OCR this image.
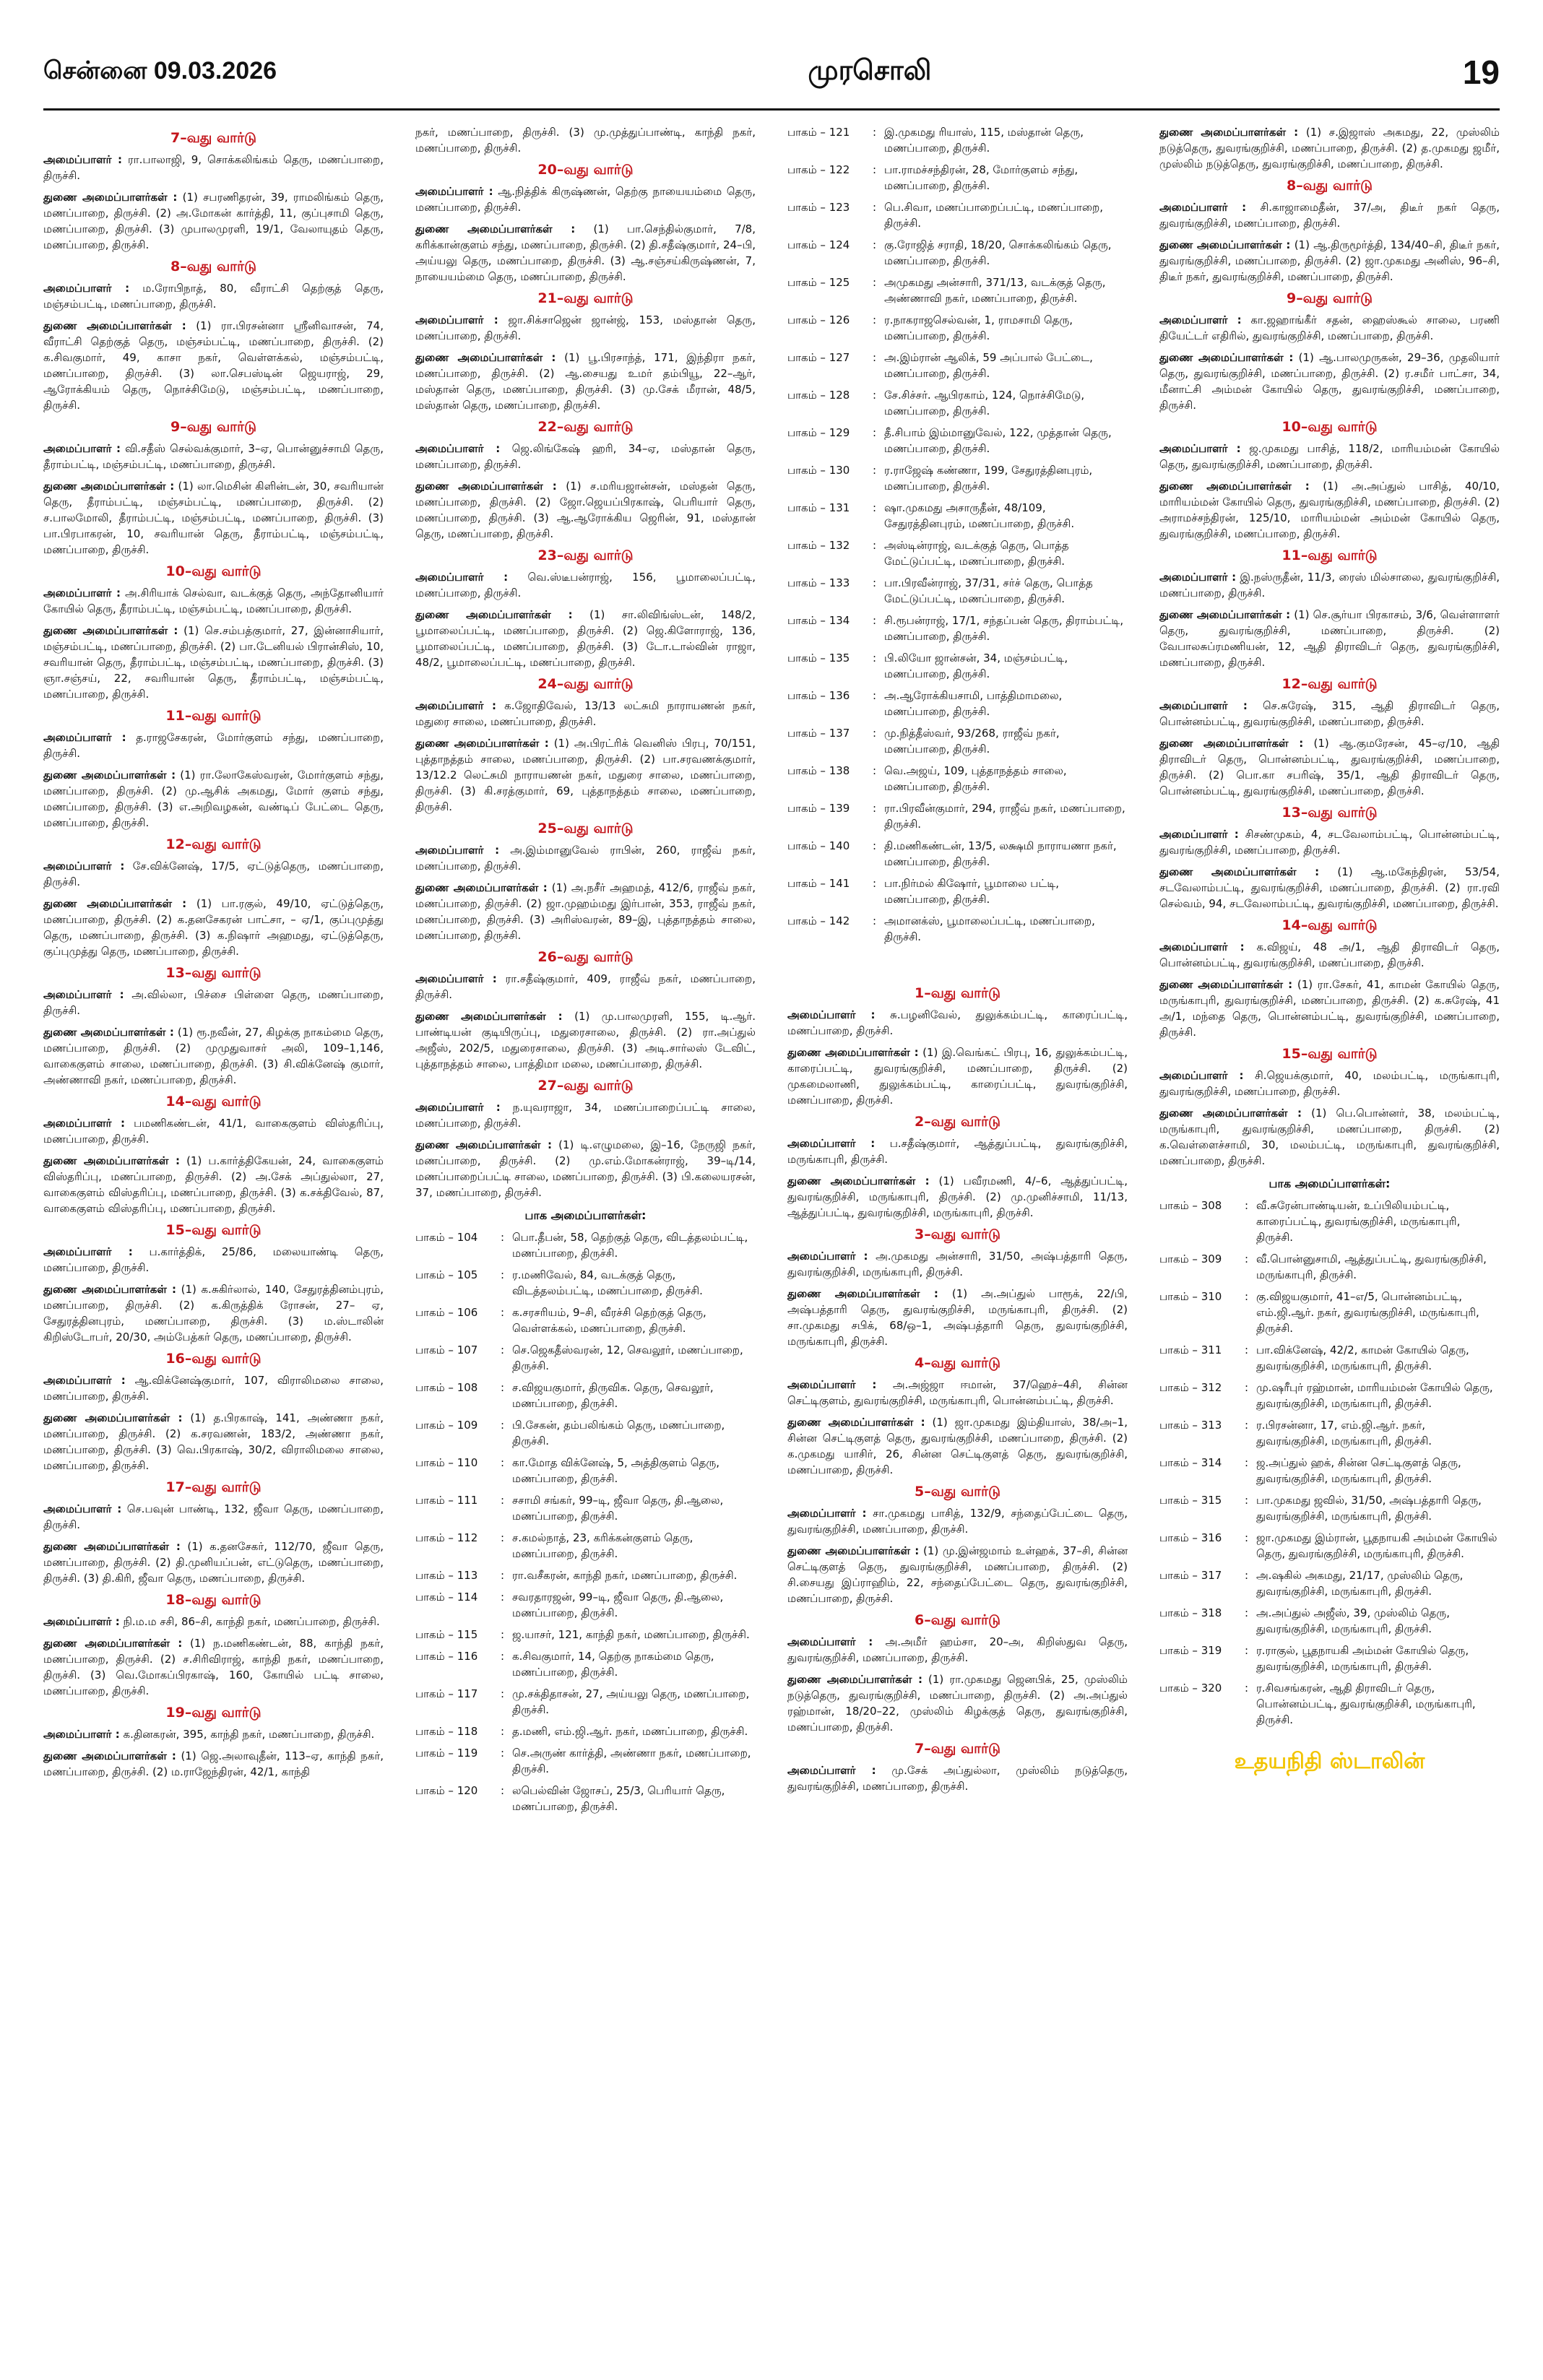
சென்னை 09.03.2026	முரசொலி	19
7–வது வார்டு

அமைப்பாளர் : ரா.பாலாஜி, 9, சொக்கலிங்கம் தெரு, மணப்பாறை, திருச்சி.

துணை அமைப்பாளர்கள் : (1) சபரணிதரன், 39, ராமலிங்கம் தெரு, மணப்பாறை, திருச்சி. (2) அ.மோகன் கார்த்தி, 11, குப்புசாமி தெரு, மணப்பாறை, திருச்சி. (3) முபாலமுரளி, 19/1, வேலாயுதம் தெரு, மணப்பாறை, திருச்சி.

8–வது வார்டு

அமைப்பாளர் : ம.ரோபிநாத், 80, வீராட்சி தெற்குத் தெரு, மஞ்சம்பட்டி, மணப்பாறை, திருச்சி.

துணை அமைப்பாளர்கள் : (1) ரா.பிரசன்னா ஸ்ரீனிவாசன், 74, வீராட்சி தெற்குத் தெரு, மஞ்சம்பட்டி, மணப்பாறை, திருச்சி. (2) க.சிவகுமார், 49, காசா நகர், வெள்ளக்கல், மஞ்சம்பட்டி, மணப்பாறை, திருச்சி. (3) லா.செபஸ்டின் ஜெயராஜ், 29, ஆரோக்கியம் தெரு, நொச்சிமேடு, மஞ்சம்பட்டி, மணப்பாறை, திருச்சி.

9–வது வார்டு

அமைப்பாளர் : வி.சதீஸ் செல்வக்குமார், 3–ஏ, பொன்னுச்சாமி தெரு, தீராம்பட்டி, மஞ்சம்பட்டி, மணப்பாறை, திருச்சி.

துணை அமைப்பாளர்கள் : (1) லா.மெசின் கிளின்டன், 30, சவரியான் தெரு, தீராம்பட்டி, மஞ்சம்பட்டி, மணப்பாறை, திருச்சி. (2) ச.பாலமோலி, தீராம்பட்டி, மஞ்சம்பட்டி, மணப்பாறை, திருச்சி. (3) பா.பிரபாகரன், 10, சவரியான் தெரு, தீராம்பட்டி, மஞ்சம்பட்டி, மணப்பாறை, திருச்சி.

10–வது வார்டு

அமைப்பாளர் : அ.சிரியாக் செல்வா, வடக்குத் தெரு, அந்தோனியார் கோயில் தெரு, தீராம்பட்டி, மஞ்சம்பட்டி, மணப்பாறை, திருச்சி.

துணை அமைப்பாளர்கள் : (1) செ.சம்பத்குமார், 27, இன்னாசியார், மஞ்சம்பட்டி, மணப்பாறை, திருச்சி. (2) பா.டேனியல் பிரான்சிஸ், 10, சவரியான் தெரு, தீராம்பட்டி, மஞ்சம்பட்டி, மணப்பாறை, திருச்சி. (3) ஞா.சஞ்சய், 22, சவரியான் தெரு, தீராம்பட்டி, மஞ்சம்பட்டி, மணப்பாறை, திருச்சி.

11–வது வார்டு

அமைப்பாளர் : த.ராஜசேகரன், மோர்குளம் சந்து, மணப்பாறை, திருச்சி.

துணை அமைப்பாளர்கள் : (1) ரா.லோகேஸ்வரன், மோர்குளம் சந்து, மணப்பாறை, திருச்சி. (2) மு.ஆசிக் அகமது, மோர் குளம் சந்து, மணப்பாறை, திருச்சி. (3) எ.அறிவழகன், வண்டிப் பேட்டை தெரு, மணப்பாறை, திருச்சி.

12–வது வார்டு

அமைப்பாளர் : சே.விக்னேஷ், 17/5, ஏட்டுத்தெரு, மணப்பாறை, திருச்சி.

துணை அமைப்பாளர்கள் : (1) பா.ரகுல், 49/10, ஏட்டுத்தெரு, மணப்பாறை, திருச்சி. (2) க.தனசேகரன் பாட்சா, – ஏ/1, குப்புமுத்து தெரு, மணப்பாறை, திருச்சி. (3) க.நிஷார் அஹமது, ஏட்டுத்தெரு, குப்புமுத்து தெரு, மணப்பாறை, திருச்சி.

13–வது வார்டு

அமைப்பாளர் : அ.வில்லா, பிச்சை பிள்ளை தெரு, மணப்பாறை, திருச்சி.

துணை அமைப்பாளர்கள் : (1) ரூ.நவீன், 27, கிழக்கு நாகம்மை தெரு, மணப்பாறை, திருச்சி. (2) முமுதுவாசர் அலி, 109–1,146, வாகைகுளம் சாலை, மணப்பாறை, திருச்சி. (3) சி.விக்னேஷ் குமார், அண்ணாவி நகர், மணப்பாறை, திருச்சி.

14–வது வார்டு

அமைப்பாளர் : பமணிகண்டன், 41/1, வாகைகுளம் விஸ்தரிப்பு, மணப்பாறை, திருச்சி.

துணை அமைப்பாளர்கள் : (1) ப.கார்த்திகேயன், 24, வாகைகுளம் விஸ்தரிப்பு, மணப்பாறை, திருச்சி. (2) அ.சேக் அப்துல்லா, 27, வாகைகுளம் விஸ்தரிப்பு, மணப்பாறை, திருச்சி. (3) க.சக்திவேல், 87, வாகைகுளம் விஸ்தரிப்பு, மணப்பாறை, திருச்சி.

15–வது வார்டு

அமைப்பாளர் : ப.கார்த்திக், 25/86, மலையாண்டி தெரு, மணப்பாறை, திருச்சி.

துணை அமைப்பாளர்கள் : (1) க.சுகிர்லால், 140, சேதுரத்தினம்புரம், மணப்பாறை, திருச்சி. (2) க.கிருத்திக் ரோசன், 27– ஏ, சேதுரத்தினபுரம், மணப்பாறை, திருச்சி. (3) ம.ஸ்டாலின் கிறிஸ்டோபர், 20/30, அம்பேத்கர் தெரு, மணப்பாறை, திருச்சி.

16–வது வார்டு

அமைப்பாளர் : ஆ.விக்னேஷ்குமார், 107, விராலிமலை சாலை, மணப்பாறை, திருச்சி.

துணை அமைப்பாளர்கள் : (1) த.பிரகாஷ், 141, அண்ணா நகர், மணப்பாறை, திருச்சி. (2) க.சரவணன், 183/2, அண்ணா நகர், மணப்பாறை, திருச்சி. (3) வெ.பிரகாஷ், 30/2, விராலிமலை சாலை, மணப்பாறை, திருச்சி.

17–வது வார்டு

அமைப்பாளர் : செ.பவுன் பாண்டி, 132, ஜீவா தெரு, மணப்பாறை, திருச்சி.

துணை அமைப்பாளர்கள் : (1) க.தனசேகர், 112/70, ஜீவா தெரு, மணப்பாறை, திருச்சி. (2) தி.முனியப்பன், எட்டுதெரு, மணப்பாறை, திருச்சி. (3) தி.கிரி, ஜீவா தெரு, மணப்பாறை, திருச்சி.

18–வது வார்டு

அமைப்பாளர் : நி.ம.ம சசி, 86–சி, காந்தி நகர், மணப்பாறை, திருச்சி.

துணை அமைப்பாளர்கள் : (1) ந.மணிகண்டன், 88, காந்தி நகர், மணப்பாறை, திருச்சி. (2) ச.சிரிவிராஜ், காந்தி நகர், மணப்பாறை, திருச்சி. (3) வெ.மோகப்பிரகாஷ், 160, கோயில் பட்டி சாலை, மணப்பாறை, திருச்சி.

19–வது வார்டு

அமைப்பாளர் : க.தினகரன், 395, காந்தி நகர், மணப்பாறை, திருச்சி.

துணை அமைப்பாளர்கள் : (1) ஜெ.அலாவுதீன், 113–ஏ, காந்தி நகர், மணப்பாறை, திருச்சி. (2) ம.ராஜேந்திரன், 42/1, காந்தி

நகர், மணப்பாறை, திருச்சி. (3) மு.முத்துப்பாண்டி, காந்தி நகர், மணப்பாறை, திருச்சி.

20–வது வார்டு

அமைப்பாளர் : ஆ.நித்திக் கிருஷ்ணன், தெற்கு நாயையம்மை தெரு, மணப்பாறை, திருச்சி.

துணை அமைப்பாளர்கள் : (1) பா.செந்தில்குமார், 7/8, கரிக்கான்குளம் சந்து, மணப்பாறை, திருச்சி. (2) தி.சதீஷ்குமார், 24–பி, அய்யலு தெரு, மணப்பாறை, திருச்சி. (3) ஆ.சஞ்சய்கிருஷ்ணன், 7, நாயையம்மை தெரு, மணப்பாறை, திருச்சி.

21–வது வார்டு

அமைப்பாளர் : ஜா.சிக்சாஜென் ஜான்ஜ், 153, மஸ்தான் தெரு, மணப்பாறை, திருச்சி.

துணை அமைப்பாளர்கள் : (1) பூ.பிரசாந்த், 171, இந்திரா நகர், மணப்பாறை, திருச்சி. (2) ஆ.சையது உமர் தம்பியூ, 22–ஆர், மஸ்தான் தெரு, மணப்பாறை, திருச்சி. (3) மு.சேக் மீரான், 48/5, மஸ்தான் தெரு, மணப்பாறை, திருச்சி.

22–வது வார்டு

அமைப்பாளர் : ஜெ.லிங்கேஷ் ஹரி, 34–ஏ, மஸ்தான் தெரு, மணப்பாறை, திருச்சி.

துணை அமைப்பாளர்கள் : (1) ச.மரியஜான்சன், மஸ்தன் தெரு, மணப்பாறை, திருச்சி. (2) ஜோ.ஜெயப்பிரகாஷ், பெரியார் தெரு, மணப்பாறை, திருச்சி. (3) ஆ.ஆரோக்கிய ஜெரின், 91, மஸ்தான் தெரு, மணப்பாறை, திருச்சி.

23–வது வார்டு

அமைப்பாளர் : வெ.ஸ்டீபன்ராஜ், 156, பூமாலைப்பட்டி, மணப்பாறை, திருச்சி.

துணை அமைப்பாளர்கள் : (1) சா.லிவிங்ஸ்டன், 148/2, பூமாலைப்பட்டி, மணப்பாறை, திருச்சி. (2) ஜெ.கிளோராஜ், 136, பூமாலைப்பட்டி, மணப்பாறை, திருச்சி. (3) டோ.டால்வின் ராஜா, 48/2, பூமாலைப்பட்டி, மணப்பாறை, திருச்சி.

24–வது வார்டு

அமைப்பாளர் : க.ஜோதிவேல், 13/13 லட்சுமி நாராயணன் நகர், மதுரை சாலை, மணப்பாறை, திருச்சி.

துணை அமைப்பாளர்கள் : (1) அ.பிரட்ரிக் வெனிஸ் பிரபு, 70/151, புத்தாநத்தம் சாலை, மணப்பாறை, திருச்சி. (2) பா.சரவணக்குமார், 13/12.2 லெட்சுமி நாராயணன் நகர், மதுரை சாலை, மணப்பாறை, திருச்சி. (3) கி.சரத்குமார், 69, புத்தாநத்தம் சாலை, மணப்பாறை, திருச்சி.

25–வது வார்டு

அமைப்பாளர் : அ.இம்மானுவேல் ராபின், 260, ராஜீவ் நகர், மணப்பாறை, திருச்சி.

துணை அமைப்பாளர்கள் : (1) அ.நசீர் அஹமத், 412/6, ராஜீவ் நகர், மணப்பாறை, திருச்சி. (2) ஜா.முஹம்மது இர்பான், 353, ராஜீவ் நகர், மணப்பாறை, திருச்சி. (3) அரிஸ்வரன், 89–இ, புத்தாநத்தம் சாலை, மணப்பாறை, திருச்சி.

26–வது வார்டு

அமைப்பாளர் : ரா.சதீஷ்குமார், 409, ராஜீவ் நகர், மணப்பாறை, திருச்சி.

துணை அமைப்பாளர்கள் : (1) மு.பாலமுரளி, 155, டி.ஆர். பாண்டியன் குடியிருப்பு, மதுரைசாலை, திருச்சி. (2) ரா.அப்துல் அஜீஸ், 202/5, மதுரைசாலை, திருச்சி. (3) அடி.சார்லஸ் டேவிட், புத்தாநத்தம் சாலை, பாத்திமா மலை, மணப்பாறை, திருச்சி.

27–வது வார்டு

அமைப்பாளர் : ந.யுவராஜா, 34, மணப்பாறைப்பட்டி சாலை, மணப்பாறை, திருச்சி.

துணை அமைப்பாளர்கள் : (1) டி.எழுமலை, இ–16, நேருஜி நகர், மணப்பாறை, திருச்சி. (2) மு.எம்.மோகன்ராஜ், 39–டி/14, மணப்பாறைப்பட்டி சாலை, மணப்பாறை, திருச்சி. (3) பி.கலையரசன், 37, மணப்பாறை, திருச்சி.

பாக அமைப்பாளர்கள்:
பாகம் – 104	: பொ.தீபன், 58, தெற்குத் தெரு, விடத்தலம்பட்டி, மணப்பாறை, திருச்சி.
பாகம் – 105	: ர.மணிவேல், 84, வடக்குத் தெரு, விடத்தலம்பட்டி, மணப்பாறை, திருச்சி.
பாகம் – 106	: க.சரசரியம், 9–சி, வீரச்சி தெற்குத் தெரு, வெள்ளக்கல், மணப்பாறை, திருச்சி.
பாகம் – 107	: செ.ஜெகதீஸ்வரன், 12, செவலூர், மணப்பாறை, திருச்சி.
பாகம் – 108	: ச.விஜயகுமார், திருவிக. தெரு, செவலூர், மணப்பாறை, திருச்சி.
பாகம் – 109	: பி.சேகன், தம்பலிங்கம் தெரு, மணப்பாறை, திருச்சி.
பாகம் – 110	: கா.மோத விக்னேஷ், 5, அத்திகுளம் தெரு, மணப்பாறை, திருச்சி.
பாகம் – 111	: சசாமி சங்கர், 99–டி, ஜீவா தெரு, தி.ஆலை, மணப்பாறை, திருச்சி.
பாகம் – 112	: ச.கமல்நாத், 23, கரிக்கன்குளம் தெரு, மணப்பாறை, திருச்சி.
பாகம் – 113	: ரா.வசீகரன், காந்தி நகர், மணப்பாறை, திருச்சி.
பாகம் – 114	: சவரதாரஜன், 99–டி, ஜீவா தெரு, தி.ஆலை, மணப்பாறை, திருச்சி.
பாகம் – 115	: ஜ.யாசர், 121, காந்தி நகர், மணப்பாறை, திருச்சி.
பாகம் – 116	: க.சிவகுமார், 14, தெற்கு நாகம்மை தெரு, மணப்பாறை, திருச்சி.
பாகம் – 117	: மு.சக்திதாசன், 27, அய்யலு தெரு, மணப்பாறை, திருச்சி.
பாகம் – 118	: த.மணி, எம்.ஜி.ஆர். நகர், மணப்பாறை, திருச்சி.
பாகம் – 119	: செ.அருண் கார்த்தி, அண்ணா நகர், மணப்பாறை, திருச்சி.
பாகம் – 120	: லபெல்வின் ஜோசப், 25/3, பெரியார் தெரு, மணப்பாறை, திருச்சி.
பாகம் – 121	: இ.முகமது ரியாஸ், 115, மஸ்தான் தெரு, மணப்பாறை, திருச்சி.
பாகம் – 122	: பா.ராமச்சந்திரன், 28, மோர்குளம் சந்து, மணப்பாறை, திருச்சி.
பாகம் – 123	: பெ.சிவா, மணப்பாறைப்பட்டி, மணப்பாறை, திருச்சி.
பாகம் – 124	: கு.ரோஜித் சராதி, 18/20, சொக்கலிங்கம் தெரு, மணப்பாறை, திருச்சி.
பாகம் – 125	: அமுகமது அன்சாரி, 371/13, வடக்குத் தெரு, அண்ணாவி நகர், மணப்பாறை, திருச்சி.
பாகம் – 126	: ர.நாகராஜசெல்வன், 1, ராமசாமி தெரு, மணப்பாறை, திருச்சி.
பாகம் – 127	: அ.இம்ரான் ஆலிக், 59 அப்பால் பேட்டை, மணப்பாறை, திருச்சி.
பாகம் – 128	: சே.சிச்சர். ஆபிரகாம், 124, நொச்சிமேடு, மணப்பாறை, திருச்சி.
பாகம் – 129	: தீ.சிபாம் இம்மானுவேல், 122, முத்தான் தெரு, மணப்பாறை, திருச்சி.
பாகம் – 130	: ர.ராஜேஷ் கண்ணா, 199, சேதுரத்தினபுரம், மணப்பாறை, திருச்சி.
பாகம் – 131	: ஷா.முகமது அசாருதீன், 48/109, சேதுரத்தினபுரம், மணப்பாறை, திருச்சி.
பாகம் – 132	: அஸ்டின்ராஜ், வடக்குத் தெரு, பொத்த மேட்டுப்பட்டி, மணப்பாறை, திருச்சி.
பாகம் – 133	: பா.பிரவீன்ராஜ், 37/31, சர்ச் தெரு, பொத்த மேட்டுப்பட்டி, மணப்பாறை, திருச்சி.
பாகம் – 134	: சி.ரூபன்ராஜ், 17/1, சந்தப்பன் தெரு, திராம்பட்டி, மணப்பாறை, திருச்சி.
பாகம் – 135	: பி.லியோ ஜான்சன், 34, மஞ்சம்பட்டி, மணப்பாறை, திருச்சி.
பாகம் – 136	: அ.ஆரோக்கியசாமி, பாத்திமாமலை, மணப்பாறை, திருச்சி.
பாகம் – 137	: மு.நித்தீஸ்வர், 93/268, ராஜீவ் நகர், மணப்பாறை, திருச்சி.
பாகம் – 138	: வெ.அஜய், 109, புத்தாநத்தம் சாலை, மணப்பாறை, திருச்சி.
பாகம் – 139	: ரா.பிரவீன்குமார், 294, ராஜீவ் நகர், மணப்பாறை, திருச்சி.
பாகம் – 140	: தி.மணிகண்டன், 13/5, லக்ஷமி நாராயணா நகர், மணப்பாறை, திருச்சி.
பாகம் – 141	: பா.நிர்மல் கிஷோர், பூமாலை பட்டி, மணப்பாறை, திருச்சி.
பாகம் – 142	: அமானக்ஸ், பூமாலைப்பட்டி, மணப்பாறை, திருச்சி.
1–வது வார்டு

அமைப்பாளர் : சு.பழனிவேல், துலுக்கம்பட்டி, காரைப்பட்டி, மணப்பாறை, திருச்சி.

துணை அமைப்பாளர்கள் : (1) இ.வெங்கட் பிரபு, 16, துலுக்கம்பட்டி, காரைப்பட்டி, துவரங்குறிச்சி, மணப்பாறை, திருச்சி. (2) முகமைலாணி, துலுக்கம்பட்டி, காரைப்பட்டி, துவரங்குறிச்சி, மணப்பாறை, திருச்சி.

2–வது வார்டு

அமைப்பாளர் : ப.சதீஷ்குமார், ஆத்துப்பட்டி, துவரங்குறிச்சி, மருங்காபுரி, திருச்சி.

துணை அமைப்பாளர்கள் : (1) பவீரமணி, 4/–6, ஆத்துப்பட்டி, துவரங்குறிச்சி, மருங்காபுரி, திருச்சி. (2) மு.முனிச்சாமி, 11/13, ஆத்துப்பட்டி, துவரங்குறிச்சி, மருங்காபுரி, திருச்சி.

3–வது வார்டு

அமைப்பாளர் : அ.முகமது அன்சாரி, 31/50, அஷ்பத்தாரி தெரு, துவரங்குறிச்சி, மருங்காபுரி, திருச்சி.

துணை அமைப்பாளர்கள் : (1) அ.அப்துல் பாரூக், 22/பி, அஷ்பத்தாரி தெரு, துவரங்குறிச்சி, மருங்காபுரி, திருச்சி. (2) சா.முகமது சபிக், 68/ஒ–1, அஷ்பத்தாரி தெரு, துவரங்குறிச்சி, மருங்காபுரி, திருச்சி.

4–வது வார்டு

அமைப்பாளர் : அ.அஜ்ஜா ஈமான், 37/ஹெச்–4சி, சின்ன செட்டிகுளம், துவரங்குறிச்சி, மருங்காபுரி, பொன்னம்பட்டி, திருச்சி.

துணை அமைப்பாளர்கள் : (1) ஜா.முகமது இம்தியாஸ், 38/அ–1, சின்ன செட்டிகுளத் தெரு, துவரங்குறிச்சி, மணப்பாறை, திருச்சி. (2) க.முகமது யாசிர், 26, சின்ன செட்டிகுளத் தெரு, துவரங்குறிச்சி, மணப்பாறை, திருச்சி.

5–வது வார்டு

அமைப்பாளர் : சா.முகமது பாசித், 132/9, சந்தைப்பேட்டை தெரு, துவரங்குறிச்சி, மணப்பாறை, திருச்சி.

துணை அமைப்பாளர்கள் : (1) மு.இன்ஜமாம் உள்ஹக், 37–சி, சின்ன செட்டிகுளத் தெரு, துவரங்குறிச்சி, மணப்பாறை, திருச்சி. (2) சி.சையது இப்ராஹிம், 22, சந்தைப்பேட்டை தெரு, துவரங்குறிச்சி, மணப்பாறை, திருச்சி.

6–வது வார்டு

அமைப்பாளர் : அ.அமீர் ஹம்சா, 20–அ, கிறிஸ்துவ தெரு, துவரங்குறிச்சி, மணப்பாறை, திருச்சி.

துணை அமைப்பாளர்கள் : (1) ரா.முகமது ஜெனபிக், 25, முஸ்லிம் நடுத்தெரு, துவரங்குறிச்சி, மணப்பாறை, திருச்சி. (2) அ.அப்துல் ரஹ்மான், 18/20–22, முஸ்லிம் கிழக்குத் தெரு, துவரங்குறிச்சி, மணப்பாறை, திருச்சி.

7–வது வார்டு

அமைப்பாளர் : மு.சேக் அப்துல்லா, முஸ்லிம் நடுத்தெரு, துவரங்குறிச்சி, மணப்பாறை, திருச்சி.

துணை அமைப்பாளர்கள் : (1) ச.இஜாஸ் அகமது, 22, முஸ்லிம் நடுத்தெரு, துவரங்குறிச்சி, மணப்பாறை, திருச்சி. (2) த.முகமது ஜமீர், முஸ்லிம் நடுத்தெரு, துவரங்குறிச்சி, மணப்பாறை, திருச்சி.

8–வது வார்டு

அமைப்பாளர் : சி.காஜாமைதீன், 37/அ, திடீர் நகர் தெரு, துவரங்குறிச்சி, மணப்பாறை, திருச்சி.

துணை அமைப்பாளர்கள் : (1) ஆ.திருமூர்த்தி, 134/40–சி, திடீர் நகர், துவரங்குறிச்சி, மணப்பாறை, திருச்சி. (2) ஜா.முகமது அனிஸ், 96–சி, திடீர் நகர், துவரங்குறிச்சி, மணப்பாறை, திருச்சி.

9–வது வார்டு

அமைப்பாளர் : கா.ஜஹாங்கீர் சதன், ஹைஸ்கூல் சாலை, பரணி தியேட்டர் எதிரில், துவரங்குறிச்சி, மணப்பாறை, திருச்சி.

துணை அமைப்பாளர்கள் : (1) ஆ.பாலமுருகன், 29–36, முதலியார் தெரு, துவரங்குறிச்சி, மணப்பாறை, திருச்சி. (2) ர.சமீர் பாட்சா, 34, மீனாட்சி அம்மன் கோயில் தெரு, துவரங்குறிச்சி, மணப்பாறை, திருச்சி.

10–வது வார்டு

அமைப்பாளர் : ஜ.முகமது பாசித், 118/2, மாரியம்மன் கோயில் தெரு, துவரங்குறிச்சி, மணப்பாறை, திருச்சி.

துணை அமைப்பாளர்கள் : (1) அ.அப்துல் பாசித், 40/10, மாரியம்மன் கோயில் தெரு, துவரங்குறிச்சி, மணப்பாறை, திருச்சி. (2) அராமச்சந்திரன், 125/10, மாரியம்மன் அம்மன் கோயில் தெரு, துவரங்குறிச்சி, மணப்பாறை, திருச்சி.

11–வது வார்டு

அமைப்பாளர் : இ.நஸ்ருதீன், 11/3, ரைஸ் மில்சாலை, துவரங்குறிச்சி, மணப்பாறை, திருச்சி.

துணை அமைப்பாளர்கள் : (1) செ.சூர்யா பிரகாசம், 3/6, வெள்ளாளர் தெரு, துவரங்குறிச்சி, மணப்பாறை, திருச்சி. (2) வேபாலசுப்ரமணியன், 12, ஆதி திராவிடர் தெரு, துவரங்குறிச்சி, மணப்பாறை, திருச்சி.

12–வது வார்டு

அமைப்பாளர் : செ.சுரேஷ், 315, ஆதி திராவிடர் தெரு, பொன்னம்பட்டி, துவரங்குறிச்சி, மணப்பாறை, திருச்சி.

துணை அமைப்பாளர்கள் : (1) ஆ.குமரேசன், 45–ஏ/10, ஆதி திராவிடர் தெரு, பொன்னம்பட்டி, துவரங்குறிச்சி, மணப்பாறை, திருச்சி. (2) பொ.கா சபரிஷ், 35/1, ஆதி திராவிடர் தெரு, பொன்னம்பட்டி, துவரங்குறிச்சி, மணப்பாறை, திருச்சி.

13–வது வார்டு

அமைப்பாளர் : சிசண்முகம், 4, சடவேலாம்பட்டி, பொன்னம்பட்டி, துவரங்குறிச்சி, மணப்பாறை, திருச்சி.

துணை அமைப்பாளர்கள் : (1) ஆ.மகேந்திரன், 53/54, சடவேலாம்பட்டி, துவரங்குறிச்சி, மணப்பாறை, திருச்சி. (2) ரா.ரவி செல்வம், 94, சடவேலாம்பட்டி, துவரங்குறிச்சி, மணப்பாறை, திருச்சி.

14–வது வார்டு

அமைப்பாளர் : க.விஜய், 48 அ/1, ஆதி திராவிடர் தெரு, பொன்னம்பட்டி, துவரங்குறிச்சி, மணப்பாறை, திருச்சி.

துணை அமைப்பாளர்கள் : (1) ரா.சேகர், 41, காமன் கோயில் தெரு, மருங்காபுரி, துவரங்குறிச்சி, மணப்பாறை, திருச்சி. (2) க.சுரேஷ், 41 அ/1, மந்தை தெரு, பொன்னம்பட்டி, துவரங்குறிச்சி, மணப்பாறை, திருச்சி.

15–வது வார்டு

அமைப்பாளர் : சி.ஜெயக்குமார், 40, மலம்பட்டி, மருங்காபுரி, துவரங்குறிச்சி, மணப்பாறை, திருச்சி.

துணை அமைப்பாளர்கள் : (1) பெ.பொன்னர், 38, மலம்பட்டி, மருங்காபுரி, துவரங்குறிச்சி, மணப்பாறை, திருச்சி. (2) க.வெள்ளைச்சாமி, 30, மலம்பட்டி, மருங்காபுரி, துவரங்குறிச்சி, மணப்பாறை, திருச்சி.

பாக அமைப்பாளர்கள்:
பாகம் – 308	: வீ.சுரேன்பாண்டியன், உப்பிலியம்பட்டி, காரைப்பட்டி, துவரங்குறிச்சி, மருங்காபுரி, திருச்சி.
பாகம் – 309	: வீ.பொன்னுசாமி, ஆத்துப்பட்டி, துவரங்குறிச்சி, மருங்காபுரி, திருச்சி.
பாகம் – 310	: கு.விஜயகுமார், 41–எ/5, பொன்னம்பட்டி, எம்.ஜி.ஆர். நகர், துவரங்குறிச்சி, மருங்காபுரி, திருச்சி.
பாகம் – 311	: பா.விக்னேஷ், 42/2, காமன் கோயில் தெரு, துவரங்குறிச்சி, மருங்காபுரி, திருச்சி.
பாகம் – 312	: மு.ஷரீபுர் ரஹ்மான், மாரியம்மன் கோயில் தெரு, துவரங்குறிச்சி, மருங்காபுரி, திருச்சி.
பாகம் – 313	: ர.பிரசன்னா, 17, எம்.ஜி.ஆர். நகர், துவரங்குறிச்சி, மருங்காபுரி, திருச்சி.
பாகம் – 314	: ஜ.அப்துல் ஹக், சின்ன செட்டிகுளத் தெரு, துவரங்குறிச்சி, மருங்காபுரி, திருச்சி.
பாகம் – 315	: பா.முகமது ஜவில், 31/50, அஷ்பத்தாரி தெரு, துவரங்குறிச்சி, மருங்காபுரி, திருச்சி.
பாகம் – 316	: ஜா.முகமது இம்ரான், பூதநாயகி அம்மன் கோயில் தெரு, துவரங்குறிச்சி, மருங்காபுரி, திருச்சி.
பாகம் – 317	: அ.ஷகில் அகமது, 21/17, முஸ்லிம் தெரு, துவரங்குறிச்சி, மருங்காபுரி, திருச்சி.
பாகம் – 318	: அ.அப்துல் அஜீஸ், 39, முஸ்லிம் தெரு, துவரங்குறிச்சி, மருங்காபுரி, திருச்சி.
பாகம் – 319	: ர.ராகுல், பூதநாயகி அம்மன் கோயில் தெரு, துவரங்குறிச்சி, மருங்காபுரி, திருச்சி.
பாகம் – 320	: ர.சிவசங்கரன், ஆதி திராவிடர் தெரு, பொன்னம்பட்டி, துவரங்குறிச்சி, மருங்காபுரி, திருச்சி.
உதயநிதி ஸ்டாலின்
